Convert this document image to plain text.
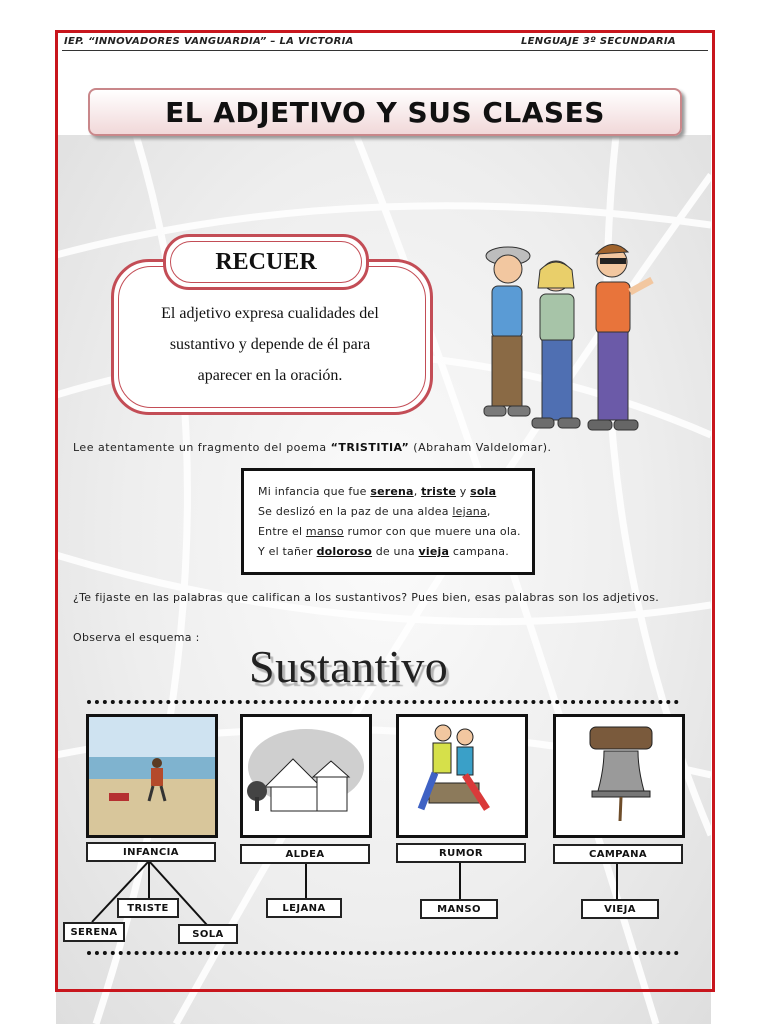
IEP. “INNOVADORES VANGUARDIA” – LA VICTORIA	LENGUAJE 3º SECUNDARIA
EL ADJETIVO Y SUS CLASES
RECUER
El adjetivo expresa cualidades del
sustantivo y depende de él para
aparecer en la oración.
Lee atentamente un fragmento del poema “TRISTITIA” (Abraham Valdelomar).
Mi infancia que fue serena, triste y sola
Se deslizó en la paz de una aldea lejana,
Entre el manso rumor con que muere una ola.
Y el tañer doloroso de una vieja campana.
¿Te fijaste en las palabras que califican a los sustantivos? Pues bien, esas palabras son los adjetivos.
Observa el esquema :
Sustantivo
INFANCIA	ALDEA	RUMOR	CAMPANA
TRISTE
SERENA	SOLA
LEJANA	MANSO	VIEJA
